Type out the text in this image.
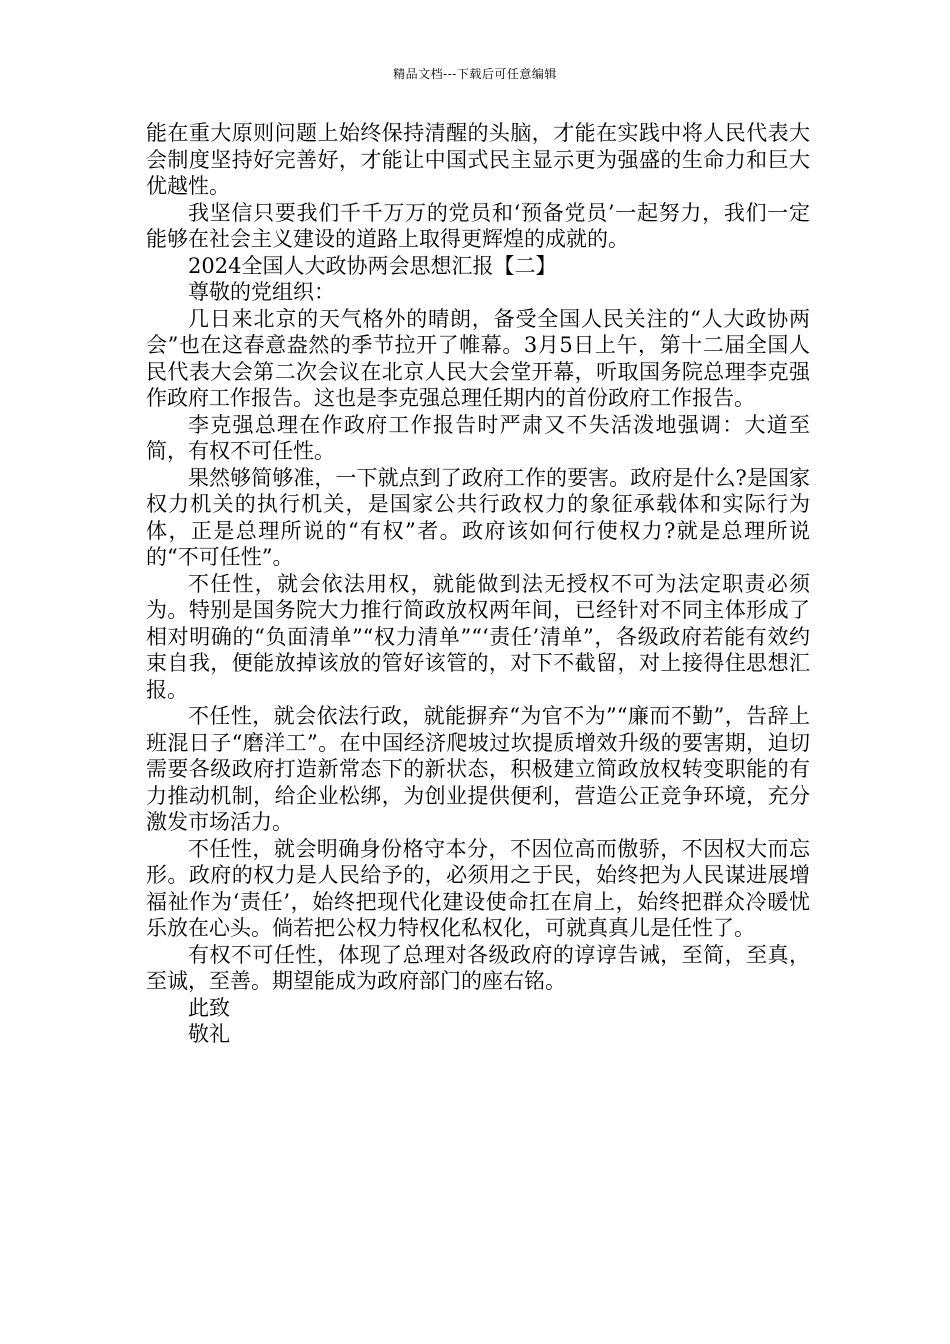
精品文档---下载后可任意编辑

能在重大原则问题上始终保持清醒的头脑，才能在实践中将人民代表大会制度坚持好完善好，才能让中国式民主显示更为强盛的生命力和巨大优越性。

我坚信只要我们千千万万的党员和‘预备党员’一起努力，我们一定能够在社会主义建设的道路上取得更辉煌的成就的。

2024全国人大政协两会思想汇报【二】

尊敬的党组织：

几日来北京的天气格外的晴朗，备受全国人民关注的“人大政协两会”也在这春意盎然的季节拉开了帷幕。3月5日上午，第十二届全国人民代表大会第二次会议在北京人民大会堂开幕，听取国务院总理李克强作政府工作报告。这也是李克强总理任期内的首份政府工作报告。

李克强总理在作政府工作报告时严肃又不失活泼地强调：大道至简，有权不可任性。

果然够简够准，一下就点到了政府工作的要害。政府是什么?是国家权力机关的执行机关，是国家公共行政权力的象征承载体和实际行为体，正是总理所说的“有权”者。政府该如何行使权力?就是总理所说的“不可任性”。

不任性，就会依法用权，就能做到法无授权不可为法定职责必须为。特别是国务院大力推行简政放权两年间，已经针对不同主体形成了相对明确的“负面清单”“权力清单”“‘责任’清单”，各级政府若能有效约束自我，便能放掉该放的管好该管的，对下不截留，对上接得住思想汇报。

不任性，就会依法行政，就能摒弃“为官不为”“廉而不勤”，告辞上班混日子“磨洋工”。在中国经济爬坡过坎提质增效升级的要害期，迫切需要各级政府打造新常态下的新状态，积极建立简政放权转变职能的有力推动机制，给企业松绑，为创业提供便利，营造公正竞争环境，充分激发市场活力。

不任性，就会明确身份格守本分，不因位高而傲骄，不因权大而忘形。政府的权力是人民给予的，必须用之于民，始终把为人民谋进展增福祉作为‘责任’，始终把现代化建设使命扛在肩上，始终把群众冷暖忧乐放在心头。倘若把公权力特权化私权化，可就真真儿是任性了。

有权不可任性，体现了总理对各级政府的谆谆告诫，至简，至真，至诚，至善。期望能成为政府部门的座右铭。

此致

敬礼
